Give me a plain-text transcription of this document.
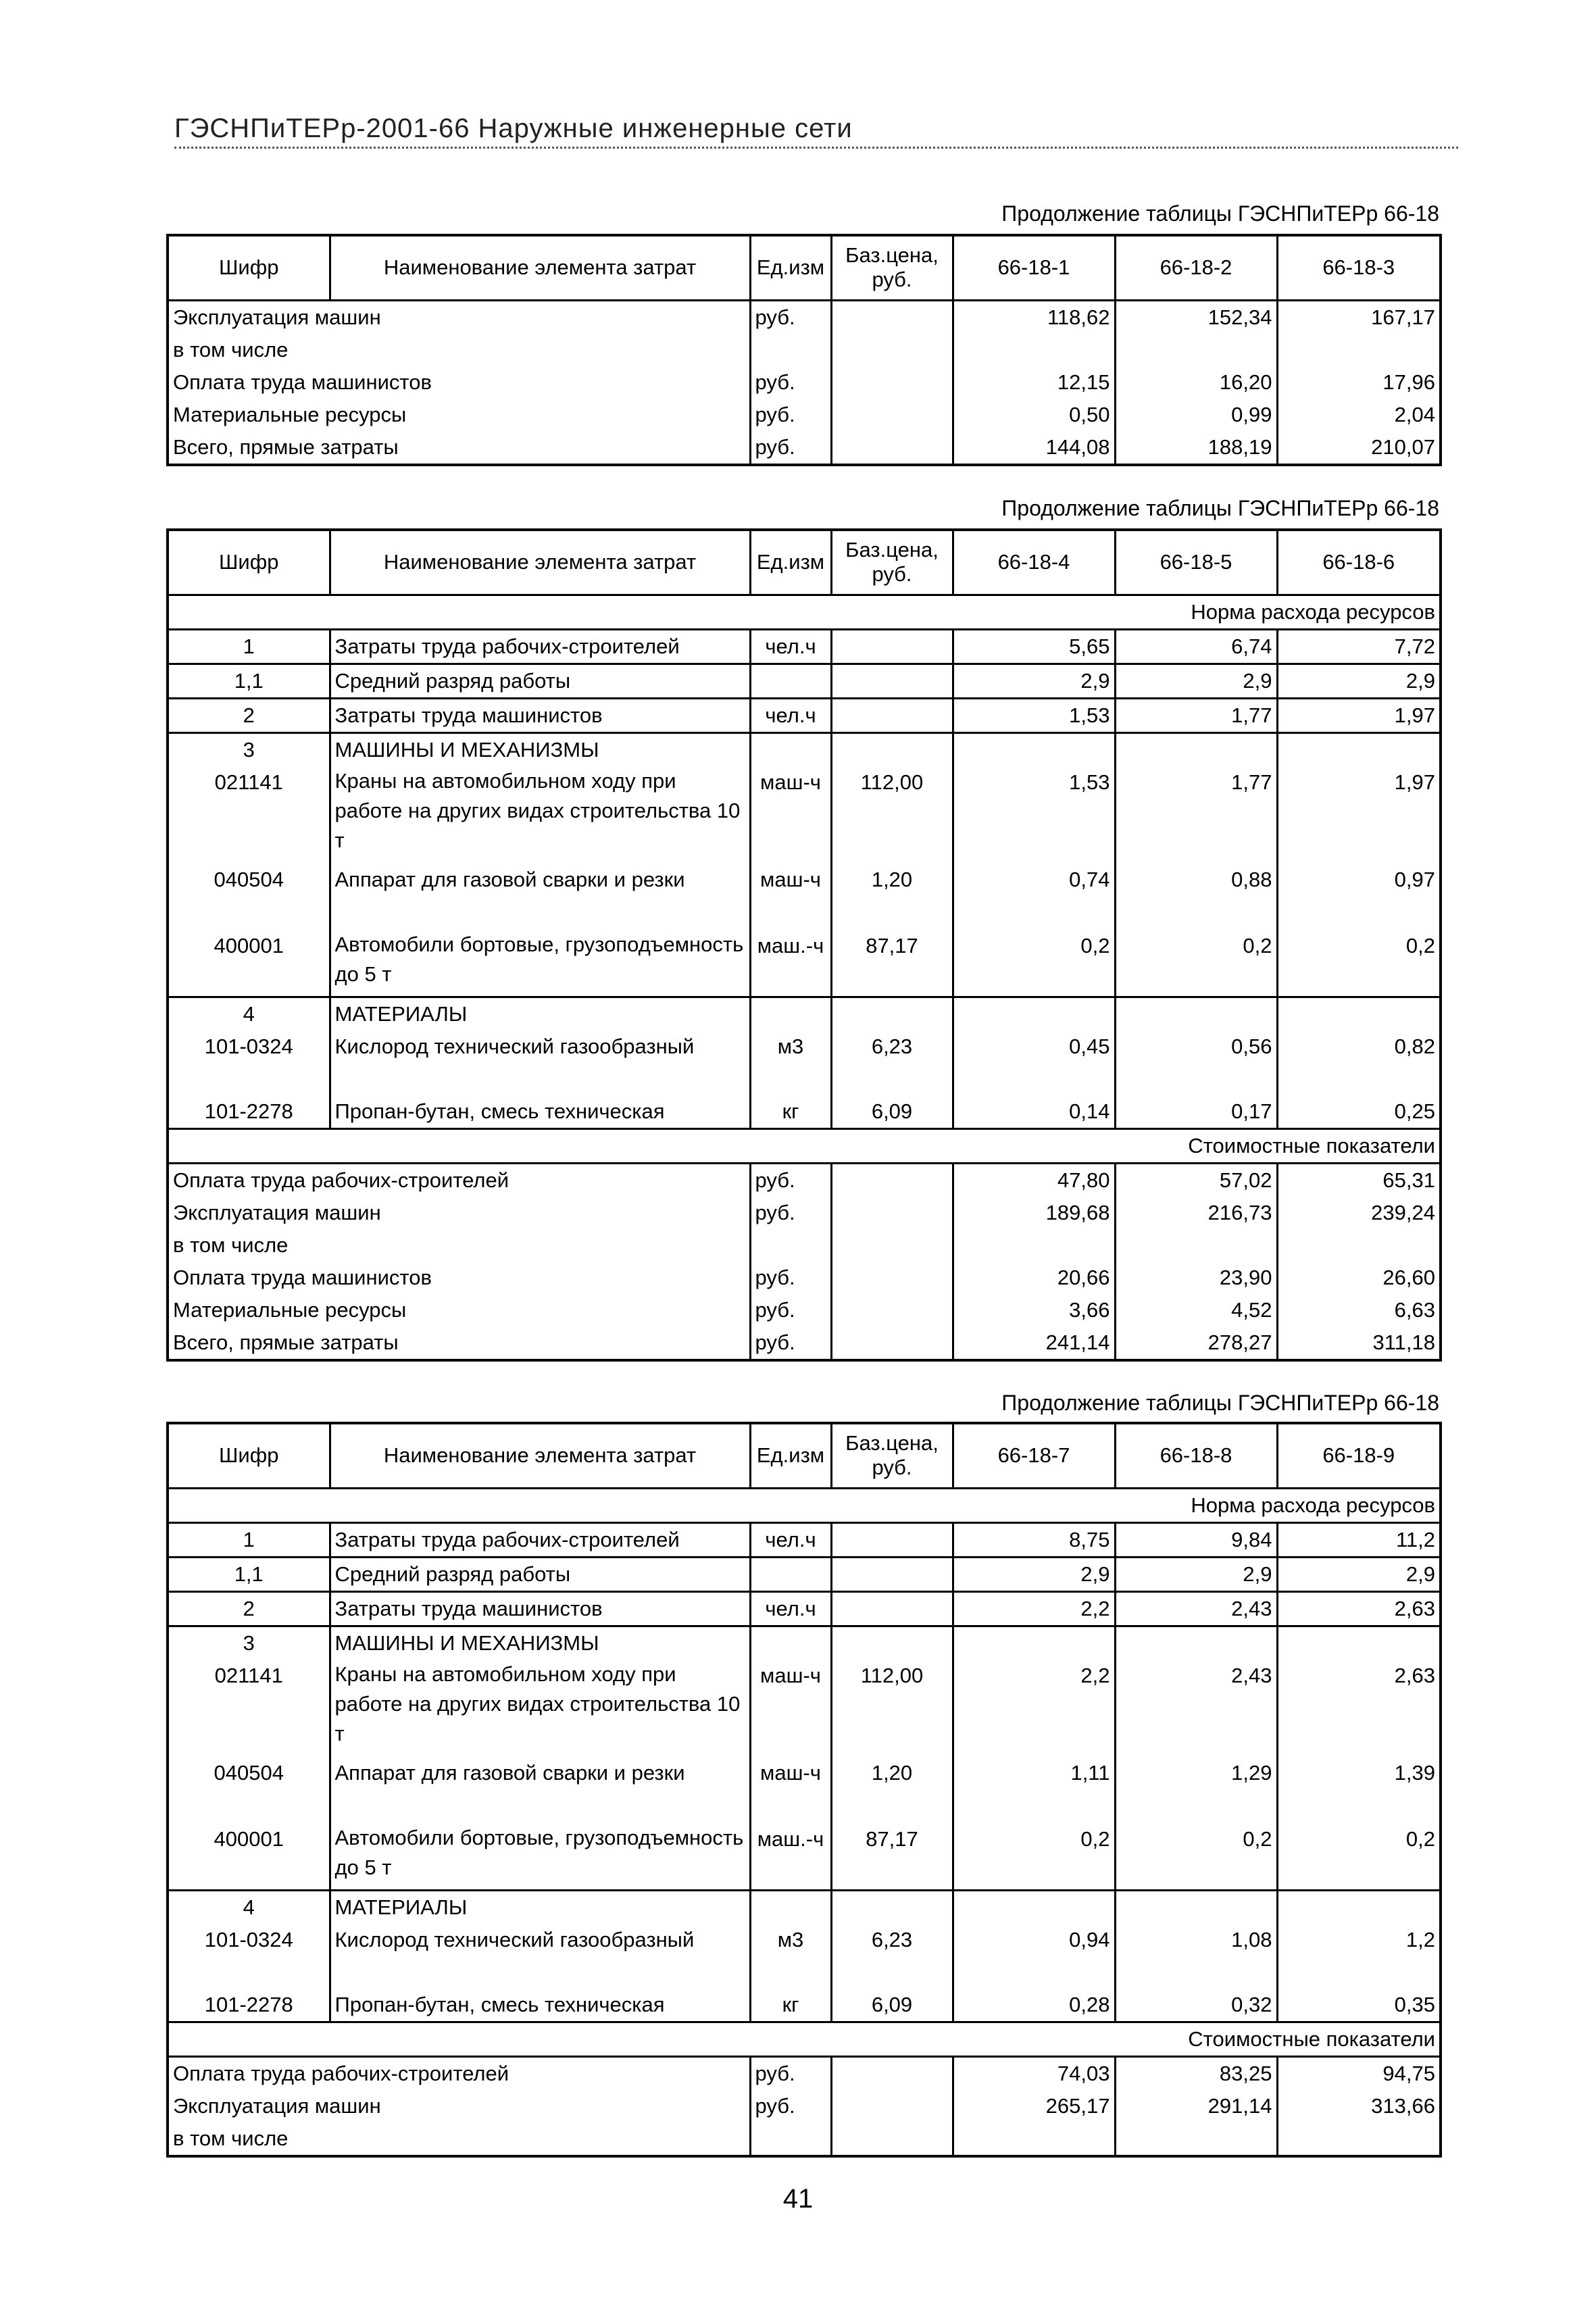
ГЭСНПиТЕРр-2001-66 Наружные инженерные сети
Продолжение таблицы ГЭСНПиТЕРр 66-18
Шифр	Наименование элемента затрат	Ед.изм	Баз.цена, руб.	66-18-1	66-18-2	66-18-3
Эксплуатация машин		руб.		118,62	152,34	167,17
в том числе						
Оплата труда машинистов		руб.		12,15	16,20	17,96
Материальные ресурсы		руб.		0,50	0,99	2,04
Всего, прямые затраты		руб.		144,08	188,19	210,07
Продолжение таблицы ГЭСНПиТЕРр 66-18
Шифр	Наименование элемента затрат	Ед.изм	Баз.цена, руб.	66-18-4	66-18-5	66-18-6
Норма расхода ресурсов						
1	Затраты труда рабочих-строителей	чел.ч		5,65	6,74	7,72
1,1	Средний разряд работы			2,9	2,9	2,9
2	Затраты труда машинистов	чел.ч		1,53	1,77	1,97
3	МАШИНЫ И МЕХАНИЗМЫ					
021141	Краны на автомобильном ходу при работе на других видах строительства 10 т	маш-ч	112,00	1,53	1,77	1,97
040504	Аппарат для газовой сварки и резки	маш-ч	1,20	0,74	0,88	0,97
400001	Автомобили бортовые, грузоподъемность до 5 т	маш.-ч	87,17	0,2	0,2	0,2
4	МАТЕРИАЛЫ					
101-0324	Кислород технический газообразный	м3	6,23	0,45	0,56	0,82
101-2278	Пропан-бутан, смесь техническая	кг	6,09	0,14	0,17	0,25
Стоимостные показатели						
Оплата труда рабочих-строителей		руб.		47,80	57,02	65,31
Эксплуатация машин		руб.		189,68	216,73	239,24
в том числе						
Оплата труда машинистов		руб.		20,66	23,90	26,60
Материальные ресурсы		руб.		3,66	4,52	6,63
Всего, прямые затраты		руб.		241,14	278,27	311,18
Продолжение таблицы ГЭСНПиТЕРр 66-18
Шифр	Наименование элемента затрат	Ед.изм	Баз.цена, руб.	66-18-7	66-18-8	66-18-9
Норма расхода ресурсов						
1	Затраты труда рабочих-строителей	чел.ч		8,75	9,84	11,2
1,1	Средний разряд работы			2,9	2,9	2,9
2	Затраты труда машинистов	чел.ч		2,2	2,43	2,63
3	МАШИНЫ И МЕХАНИЗМЫ					
021141	Краны на автомобильном ходу при работе на других видах строительства 10 т	маш-ч	112,00	2,2	2,43	2,63
040504	Аппарат для газовой сварки и резки	маш-ч	1,20	1,11	1,29	1,39
400001	Автомобили бортовые, грузоподъемность до 5 т	маш.-ч	87,17	0,2	0,2	0,2
4	МАТЕРИАЛЫ					
101-0324	Кислород технический газообразный	м3	6,23	0,94	1,08	1,2
101-2278	Пропан-бутан, смесь техническая	кг	6,09	0,28	0,32	0,35
Стоимостные показатели						
Оплата труда рабочих-строителей		руб.		74,03	83,25	94,75
Эксплуатация машин		руб.		265,17	291,14	313,66
в том числе						
41
